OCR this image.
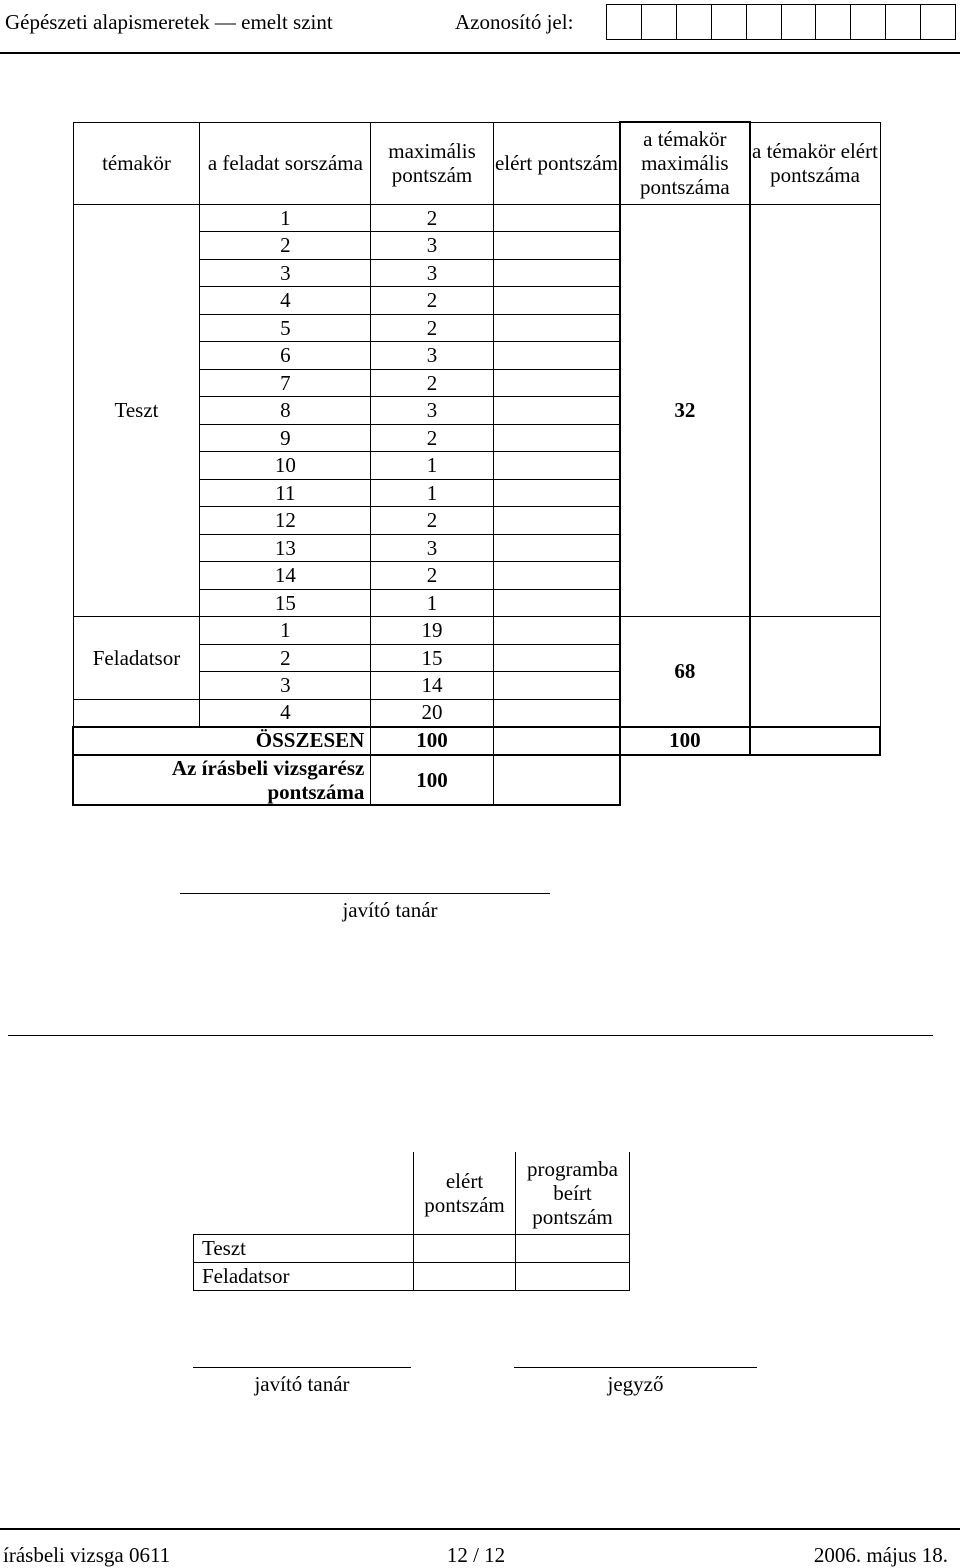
Gépészeti alapismeretek — emelt szint	Azonosító jel:
témakör	a feladat sorszáma	maximális pontszám	elért pontszám	a témakör maximális pontszáma	a témakör elért pontszáma
Teszt	1	2		32	
	2	3			
	3	3			
	4	2			
	5	2			
	6	3			
	7	2			
	8	3			
	9	2			
	10	1			
	11	1			
	12	2			
	13	3			
	14	2			
	15	1			
Feladatsor	1	19		68	
	2	15			
	3	14			
	4	20			
ÖSSZESEN		100		100	
Az írásbeli vizsgarész pontszáma		100			
javító tanár
	elért pontszám	programba beírt pontszám
Teszt		
Feladatsor		
javító tanár	jegyző
írásbeli vizsga 0611	12 / 12	2006. május 18.
